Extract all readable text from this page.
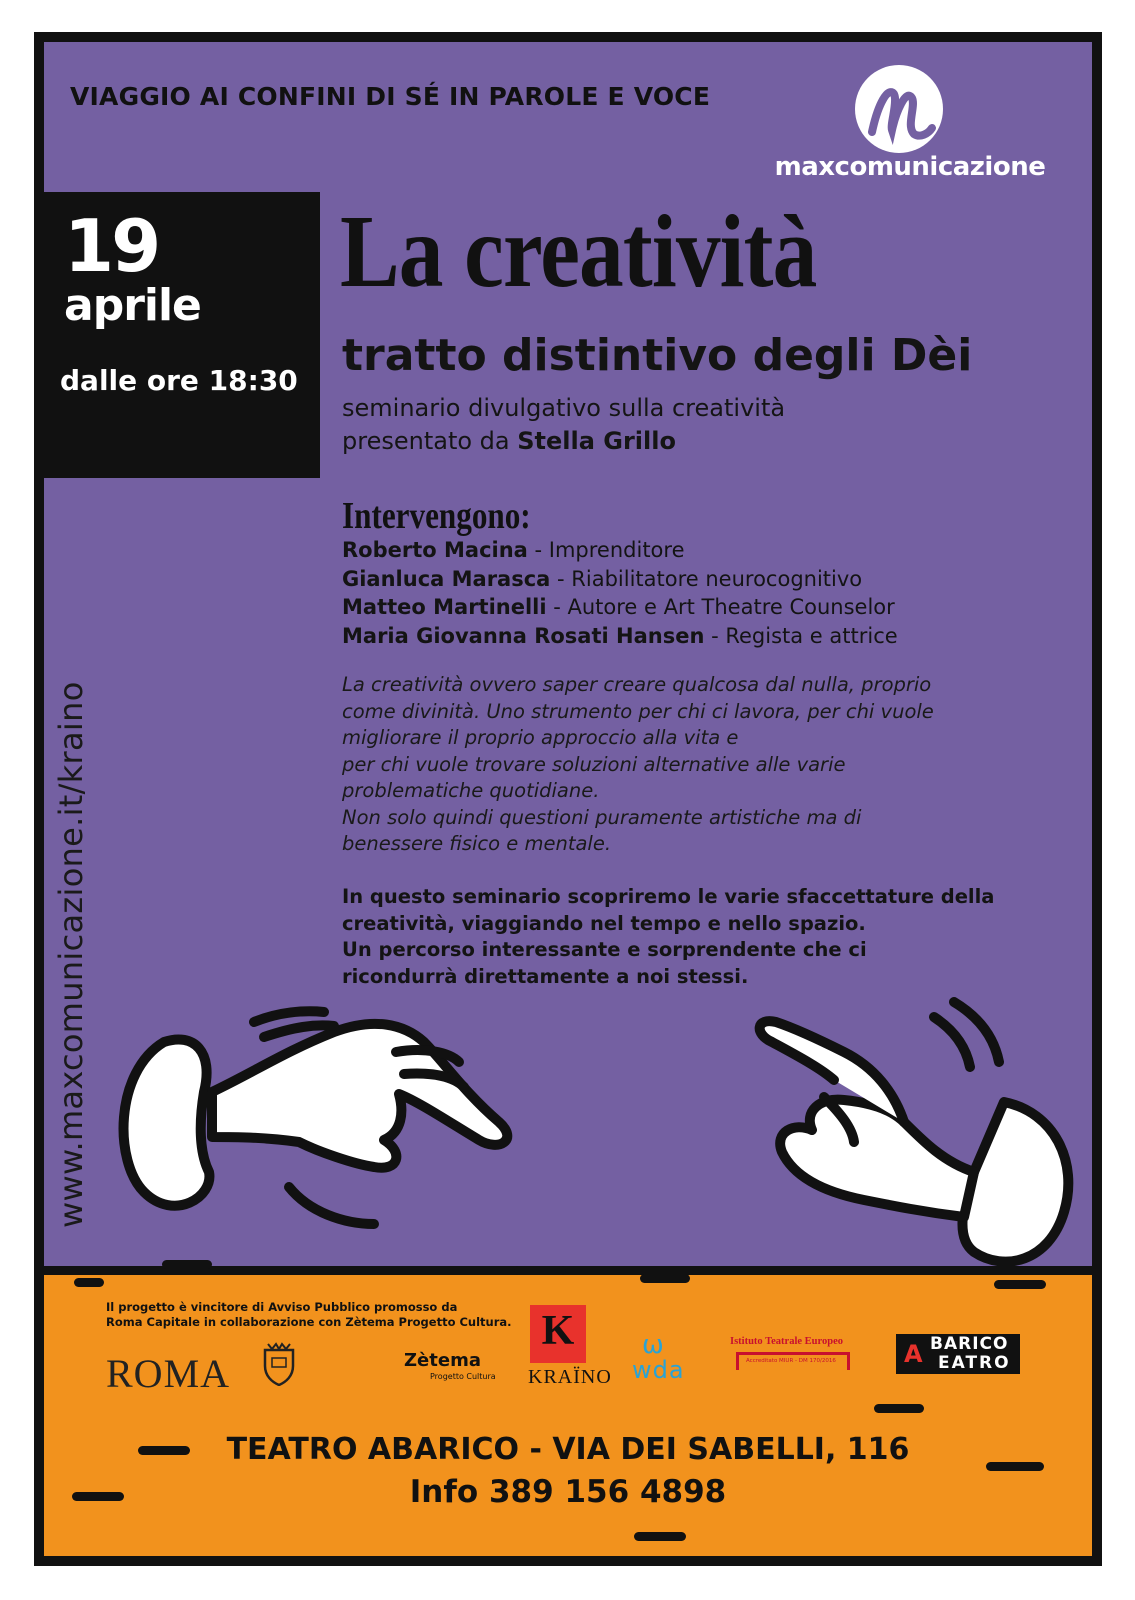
VIAGGIO AI CONFINI DI SÉ IN PAROLE E VOCE
maxcomunicazione
19
aprile
dalle ore 18:30
La creatività
tratto distintivo degli Dèi
seminario divulgativo sulla creatività
presentato da Stella Grillo
Intervengono:
Roberto Macina - Imprenditore
Gianluca Marasca - Riabilitatore neurocognitivo
Matteo Martinelli - Autore e Art Theatre Counselor
Maria Giovanna Rosati Hansen - Regista e attrice
La creatività ovvero saper creare qualcosa dal nulla, proprio
come divinità. Uno strumento per chi ci lavora, per chi vuole
migliorare il proprio approccio alla vita e
per chi vuole trovare soluzioni alternative alle varie
problematiche quotidiane.
Non solo quindi questioni puramente artistiche ma di
benessere fisico e mentale.
In questo seminario scopriremo le varie sfaccettature della
creatività, viaggiando nel tempo e nello spazio.
Un percorso interessante e sorprendente che ci
ricondurrà direttamente a noi stessi.
www.maxcomunicazione.it/kraino
Il progetto è vincitore di Avviso Pubblico promosso da
Roma Capitale in collaborazione con Zètema Progetto Cultura.
ROMA	Zètema
Progetto Cultura
K
KRAÏNO
ω
wda
Istituto Teatrale Europeo
Accreditato MIUR - DM 170/2016	A BARICO
EATRO
TEATRO ABARICO - VIA DEI SABELLI, 116
Info 389 156 4898
